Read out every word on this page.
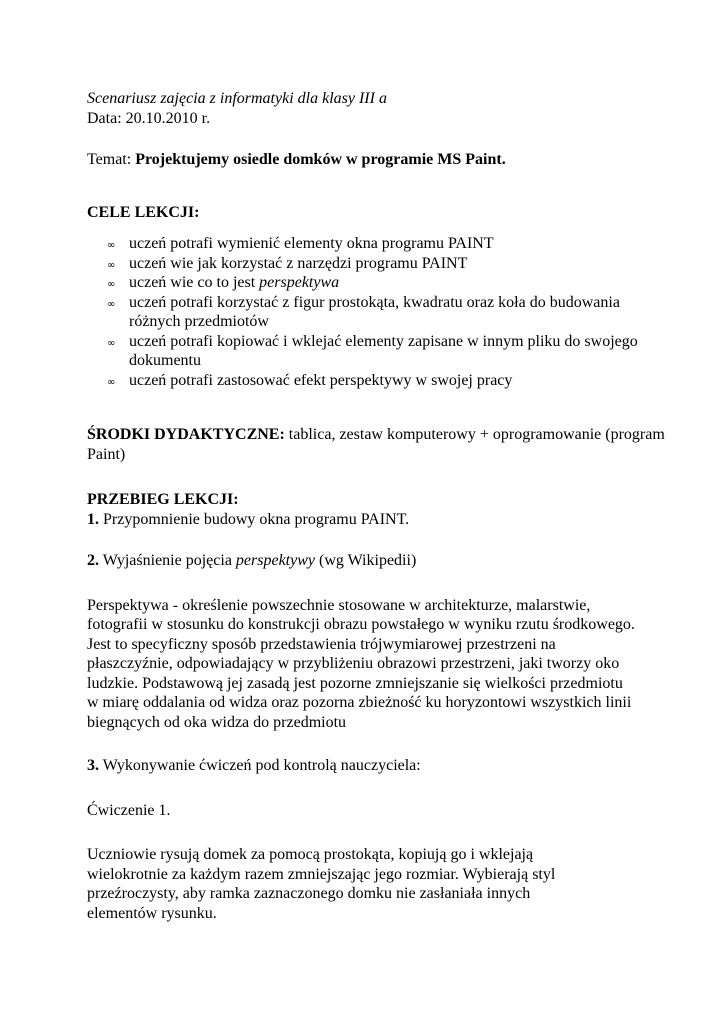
Scenariusz zajęcia z informatyki dla klasy III a

Data: 20.10.2010 r.

Temat: Projektujemy osiedle domków w programie MS Paint.

CELE LEKCJI:

∞ uczeń potrafi wymienić elementy okna programu PAINT
∞ uczeń wie jak korzystać z narzędzi programu PAINT
∞ uczeń wie co to jest perspektywa
∞ uczeń potrafi korzystać z figur prostokąta, kwadratu oraz koła do budowania różnych przedmiotów
∞ uczeń potrafi kopiować i wklejać elementy zapisane w innym pliku do swojego dokumentu
∞ uczeń potrafi zastosować efekt perspektywy w swojej pracy

ŚRODKI DYDAKTYCZNE: tablica, zestaw komputerowy + oprogramowanie (program Paint)

PRZEBIEG LEKCJI:

1. Przypomnienie budowy okna programu PAINT.

2. Wyjaśnienie pojęcia perspektywy (wg Wikipedii)

Perspektywa - określenie powszechnie stosowane w architekturze, malarstwie, fotografii w stosunku do konstrukcji obrazu powstałego w wyniku rzutu środkowego. Jest to specyficzny sposób przedstawienia trójwymiarowej przestrzeni na płaszczyźnie, odpowiadający w przybliżeniu obrazowi przestrzeni, jaki tworzy oko ludzkie. Podstawową jej zasadą jest pozorne zmniejszanie się wielkości przedmiotu w miarę oddalania od widza oraz pozorna zbieżność ku horyzontowi wszystkich linii biegnących od oka widza do przedmiotu

3. Wykonywanie ćwiczeń pod kontrolą nauczyciela:

Ćwiczenie 1.

Uczniowie rysują domek za pomocą prostokąta, kopiują go i wklejają wielokrotnie za każdym razem zmniejszając jego rozmiar. Wybierają styl przeźroczysty, aby ramka zaznaczonego domku nie zasłaniała innych elementów rysunku.
